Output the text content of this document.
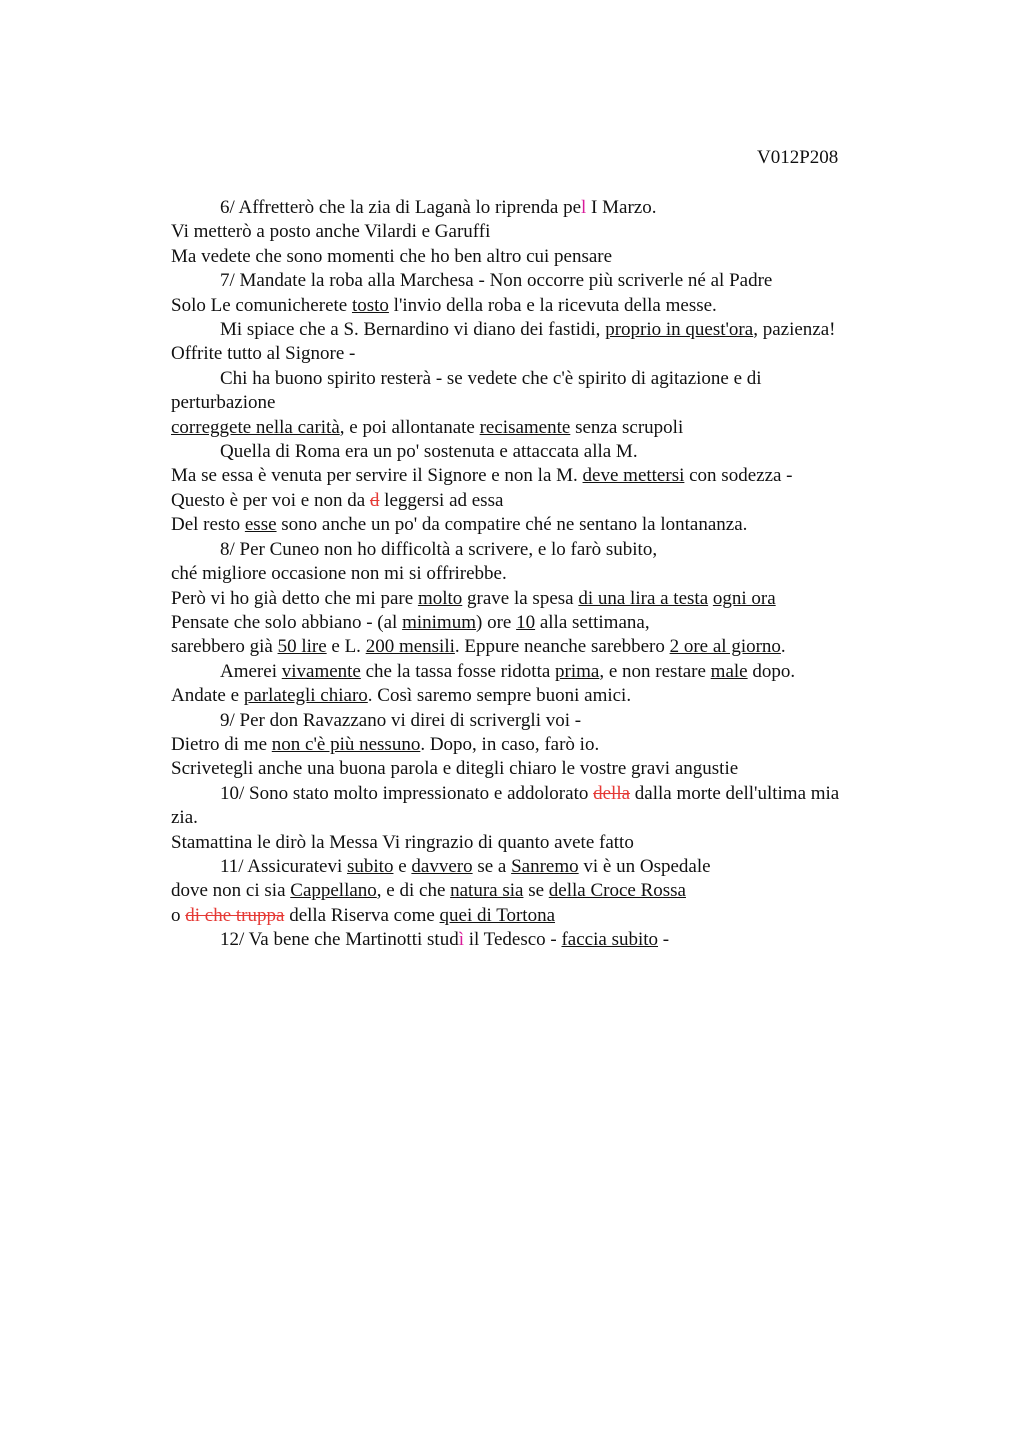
V012P208
6/ Affretterò che la zia di Laganà lo riprenda pel I Marzo.
Vi metterò a posto anche Vilardi e Garuffi
Ma vedete che sono momenti che ho ben altro cui pensare
7/ Mandate la roba alla Marchesa - Non occorre più scriverle né al Padre
Solo Le comunicherete tosto l'invio della roba e la ricevuta della messe.
Mi spiace che a S. Bernardino vi diano dei fastidi, proprio in quest'ora, pazienza!
Offrite tutto al Signore -
Chi ha buono spirito resterà - se vedete che c'è spirito di agitazione e di
perturbazione
correggete nella carità, e poi allontanate recisamente senza scrupoli
Quella di Roma era un po' sostenuta e attaccata alla M.
Ma se essa è venuta per servire il Signore e non la M. deve mettersi con sodezza -
Questo è per voi e non da d leggersi ad essa
Del resto esse sono anche un po' da compatire ché ne sentano la lontananza.
8/ Per Cuneo non ho difficoltà a scrivere, e lo farò subito,
ché migliore occasione non mi si offrirebbe.
Però vi ho già detto che mi pare molto grave la spesa di una lira a testa ogni ora
Pensate che solo abbiano - (al minimum) ore 10 alla settimana,
sarebbero già 50 lire e L. 200 mensili. Eppure neanche sarebbero 2 ore al giorno.
Amerei vivamente che la tassa fosse ridotta prima, e non restare male dopo.
Andate e parlategli chiaro. Così saremo sempre buoni amici.
9/ Per don Ravazzano vi direi di scrivergli voi -
Dietro di me non c'è più nessuno. Dopo, in caso, farò io.
Scrivetegli anche una buona parola e ditegli chiaro le vostre gravi angustie
10/ Sono stato molto impressionato e addolorato della dalla morte dell'ultima mia
zia.
Stamattina le dirò la Messa Vi ringrazio di quanto avete fatto
11/ Assicuratevi subito e davvero se a Sanremo vi è un Ospedale
dove non ci sia Cappellano, e di che natura sia se della Croce Rossa
o di che truppa della Riserva come quei di Tortona
12/ Va bene che Martinotti studì il Tedesco - faccia subito -
